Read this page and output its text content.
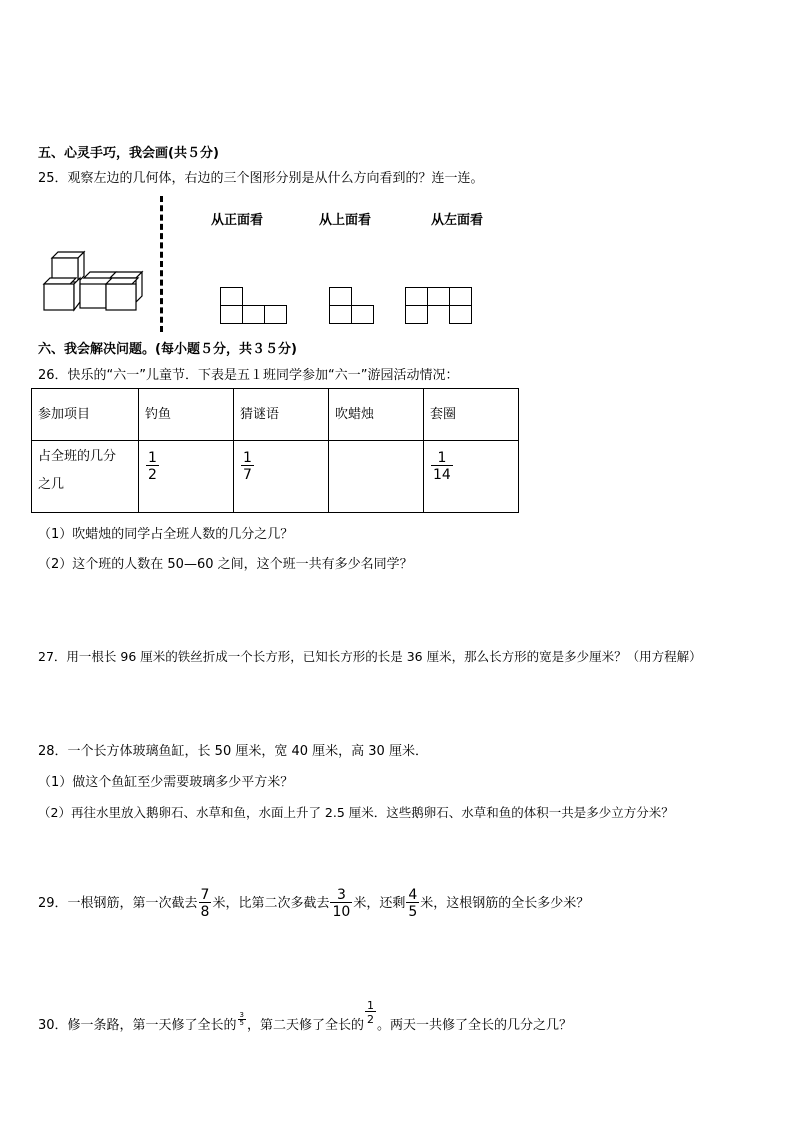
五、心灵手巧，我会画(共５分)
25．观察左边的几何体，右边的三个图形分别是从什么方向看到的？连一连。
从正面看	从上面看	从左面看
六、我会解决问题。(每小题５分，共３５分)
26．快乐的“六一”儿童节．下表是五１班同学参加“六一”游园活动情况：
参加项目	钓鱼	猜谜语	吹蜡烛	套圈
占全班的几分
之几	$\frac{1}{2}$	$\frac{1}{7}$		$\frac{1}{14}$
（1）吹蜡烛的同学占全班人数的几分之几？
（2）这个班的人数在 50—60 之间，这个班一共有多少名同学？
27．用一根长 96 厘米的铁丝折成一个长方形，已知长方形的长是 36 厘米，那么长方形的宽是多少厘米？（用方程解）
28．一个长方体玻璃鱼缸，长 50 厘米，宽 40 厘米，高 30 厘米．
（1）做这个鱼缸至少需要玻璃多少平方米？
（2）再往水里放入鹅卵石、水草和鱼，水面上升了 2.5 厘米．这些鹅卵石、水草和鱼的体积一共是多少立方分米？
29．一根钢筋，第一次截去 $\frac{7}{8}$ 米，比第二次多截去 $\frac{3}{10}$ 米，还剩 $\frac{4}{5}$ 米，这根钢筋的全长多少米？
30．修一条路，第一天修了全长的 $\frac{3}{5}$ ，第二天修了全长的
$\frac{1}{2}$
。两天一共修了全长的几分之几？
